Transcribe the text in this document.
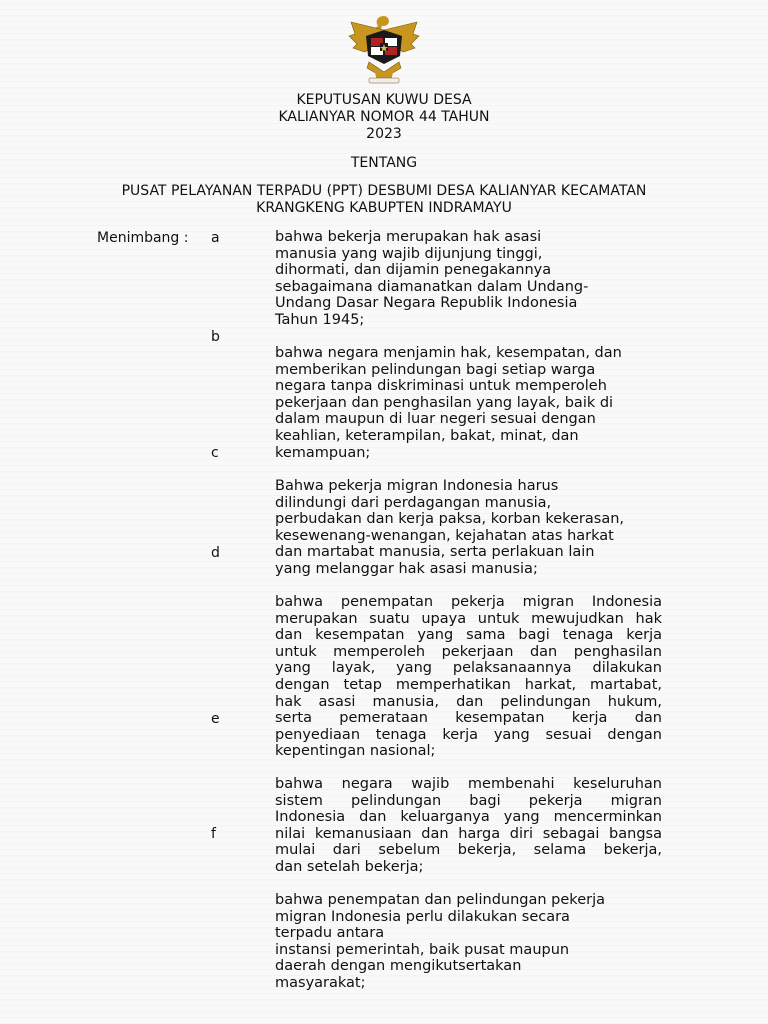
KEPUTUSAN KUWU DESA
KALIANYAR NOMOR 44 TAHUN
2023
TENTANG
PUSAT PELAYANAN TERPADU (PPT) DESBUMI DESA KALIANYAR KECAMATAN
KRANGKENG KABUPTEN INDRAMAYU
Menimbang : a
b
c
d
e
f
bahwa bekerja merupakan hak asasi
manusia yang wajib dijunjung tinggi,
dihormati, dan dijamin penegakannya
sebagaimana diamanatkan dalam Undang-
Undang Dasar Negara Republik Indonesia
Tahun 1945;
bahwa negara menjamin hak, kesempatan, dan
memberikan pelindungan bagi setiap warga
negara tanpa diskriminasi untuk memperoleh
pekerjaan dan penghasilan yang layak, baik di
dalam maupun di luar negeri sesuai dengan
keahlian, keterampilan, bakat, minat, dan
kemampuan;
Bahwa pekerja migran Indonesia harus
dilindungi dari perdagangan manusia,
perbudakan dan kerja paksa, korban kekerasan,
kesewenang-wenangan, kejahatan atas harkat
dan martabat manusia, serta perlakuan lain
yang melanggar hak asasi manusia;
bahwa penempatan pekerja migran Indonesia
merupakan suatu upaya untuk mewujudkan hak
dan kesempatan yang sama bagi tenaga kerja
untuk memperoleh pekerjaan dan penghasilan
yang layak, yang pelaksanaannya dilakukan
dengan tetap memperhatikan harkat, martabat,
hak asasi manusia, dan pelindungan hukum,
serta pemerataan kesempatan kerja dan
penyediaan tenaga kerja yang sesuai dengan
kepentingan nasional;
bahwa negara wajib membenahi keseluruhan
sistem pelindungan bagi pekerja migran
Indonesia dan keluarganya yang mencerminkan
nilai kemanusiaan dan harga diri sebagai bangsa
mulai dari sebelum bekerja, selama bekerja,
dan setelah bekerja;
bahwa penempatan dan pelindungan pekerja
migran Indonesia perlu dilakukan secara
terpadu antara
instansi pemerintah, baik pusat maupun
daerah dengan mengikutsertakan
masyarakat;
